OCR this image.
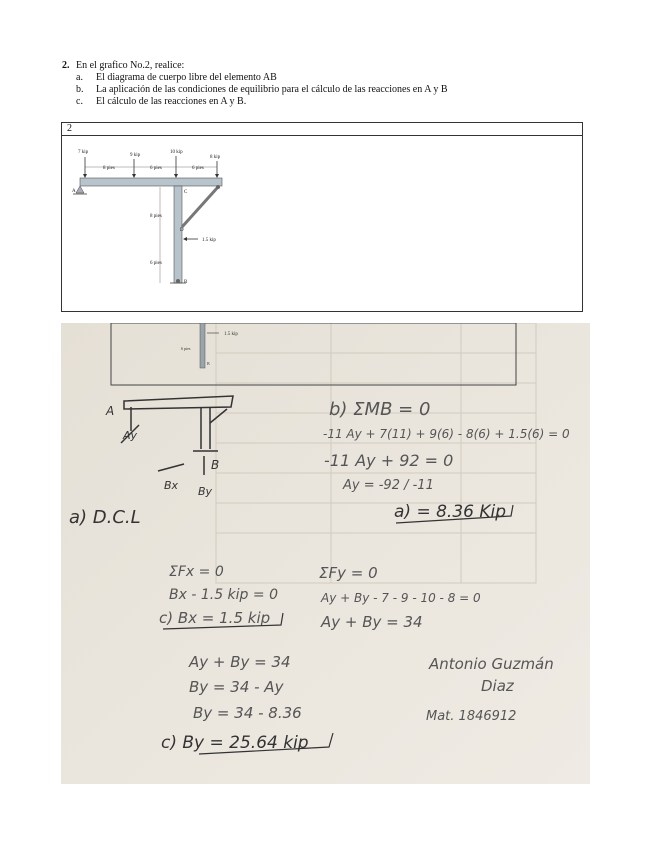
2. En el grafico No.2, realice:
a. El diagrama de cuerpo libre del elemento AB
b. La aplicación de las condiciones de equilibrio para el cálculo de las reacciones en A y B
c. El cálculo de las reacciones en A y B.
2
7 kip
9 kip
10 kip
8 kip
8 pies	6 pies	6 pies
A	C
D
8 pies
6 pies
1.5 kip
B
1.5 kip
6 pies
B
A
Ay
B
Bx By
a) D.C.L
b) ΣMB = 0
-11 Ay + 7(11) + 9(6) - 8(6) + 1.5(6) = 0
-11 Ay + 92 = 0
Ay = -92 / -11
a) = 8.36 Kip
ΣFx = 0
Bx - 1.5 kip = 0
c) Bx = 1.5 kip
ΣFy = 0
Ay + By - 7 - 9 - 10 - 8 = 0
Ay + By = 34
Ay + By = 34
By = 34 - Ay
By = 34 - 8.36
c) By = 25.64 kip
Antonio Guzmán
Diaz
Mat. 1846912
